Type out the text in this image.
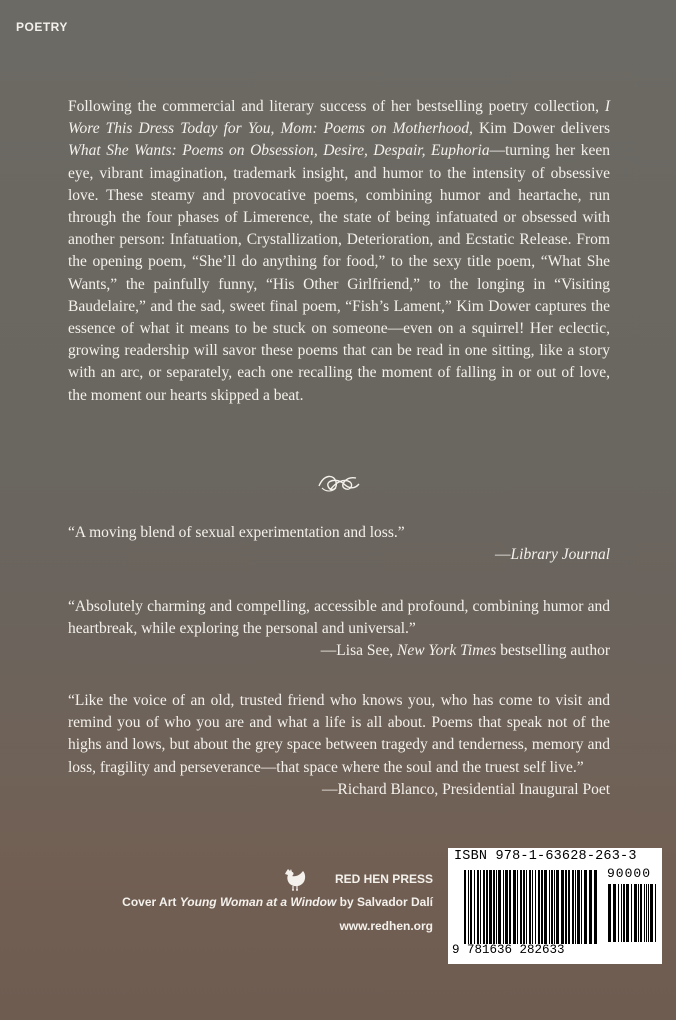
POETRY

Following the commercial and literary success of her bestselling poetry collection, I Wore This Dress Today for You, Mom: Poems on Motherhood, Kim Dower delivers What She Wants: Poems on Obsession, Desire, Despair, Euphoria—turning her keen eye, vibrant imagination, trademark insight, and humor to the intensity of obsessive love. These steamy and provocative poems, combining humor and heartache, run through the four phases of Limerence, the state of being infatuated or obsessed with another person: Infatuation, Crystallization, Deterioration, and Ecstatic Release. From the opening poem, “She’ll do anything for food,” to the sexy title poem, “What She Wants,” the painfully funny, “His Other Girlfriend,” to the longing in “Visiting Baudelaire,” and the sad, sweet final poem, “Fish’s Lament,” Kim Dower captures the essence of what it means to be stuck on someone—even on a squirrel! Her eclectic, growing readership will savor these poems that can be read in one sitting, like a story with an arc, or separately, each one recalling the moment of falling in or out of love, the moment our hearts skipped a beat.

“A moving blend of sexual experimentation and loss.”

—Library Journal

“Absolutely charming and compelling, accessible and profound, combining humor and heartbreak, while exploring the personal and universal.”

—Lisa See, New York Times bestselling author

“Like the voice of an old, trusted friend who knows you, who has come to visit and remind you of who you are and what a life is all about. Poems that speak not of the highs and lows, but about the grey space between tragedy and tenderness, memory and loss, fragility and perseverance—that space where the soul and the truest self live.”

—Richard Blanco, Presidential Inaugural Poet
RED HEN PRESS
Cover Art Young Woman at a Window by Salvador Dalí
www.redhen.org
ISBN 978-1-63628-263-3
90000
9 781636 282633
